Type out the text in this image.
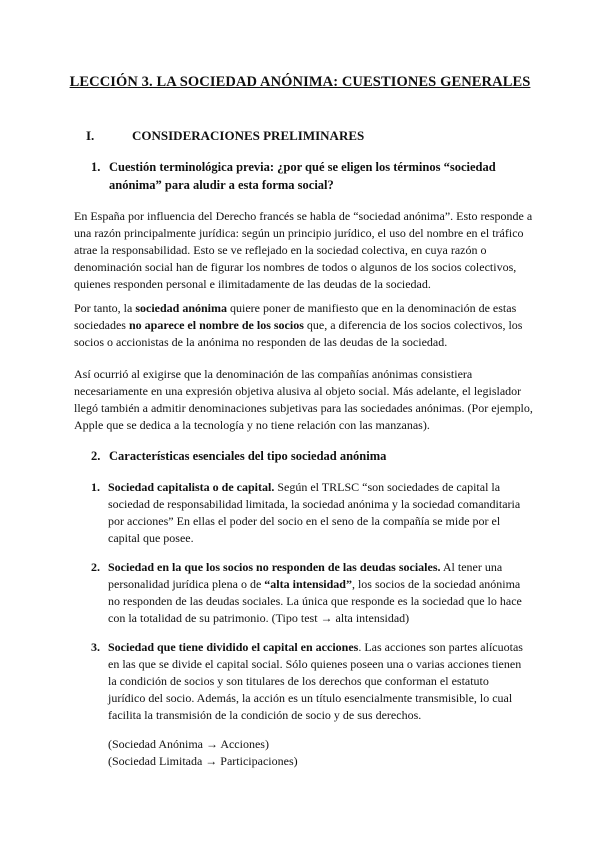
LECCIÓN 3. LA SOCIEDAD ANÓNIMA: CUESTIONES GENERALES
I.	CONSIDERACIONES PRELIMINARES
1. Cuestión terminológica previa: ¿por qué se eligen los términos “sociedad anónima” para aludir a esta forma social?

En España por influencia del Derecho francés se habla de “sociedad anónima”. Esto responde a una razón principalmente jurídica: según un principio jurídico, el uso del nombre en el tráfico atrae la responsabilidad. Esto se ve reflejado en la sociedad colectiva, en cuya razón o denominación social han de figurar los nombres de todos o algunos de los socios colectivos, quienes responden personal e ilimitadamente de las deudas de la sociedad.

Por tanto, la sociedad anónima quiere poner de manifiesto que en la denominación de estas sociedades no aparece el nombre de los socios que, a diferencia de los socios colectivos, los socios o accionistas de la anónima no responden de las deudas de la sociedad.

Así ocurrió al exigirse que la denominación de las compañías anónimas consistiera necesariamente en una expresión objetiva alusiva al objeto social. Más adelante, el legislador llegó también a admitir denominaciones subjetivas para las sociedades anónimas. (Por ejemplo, Apple que se dedica a la tecnología y no tiene relación con las manzanas).

2. Características esenciales del tipo sociedad anónima
1. Sociedad capitalista o de capital. Según el TRLSC “son sociedades de capital la sociedad de responsabilidad limitada, la sociedad anónima y la sociedad comanditaria por acciones” En ellas el poder del socio en el seno de la compañía se mide por el capital que posee.
2. Sociedad en la que los socios no responden de las deudas sociales. Al tener una personalidad jurídica plena o de “alta intensidad”, los socios de la sociedad anónima no responden de las deudas sociales. La única que responde es la sociedad que lo hace con la totalidad de su patrimonio. (Tipo test → alta intensidad)
3. Sociedad que tiene dividido el capital en acciones. Las acciones son partes alícuotas en las que se divide el capital social. Sólo quienes poseen una o varias acciones tienen la condición de socios y son titulares de los derechos que conforman el estatuto jurídico del socio. Además, la acción es un título esencialmente transmisible, lo cual facilita la transmisión de la condición de socio y de sus derechos.

(Sociedad Anónima → Acciones)

(Sociedad Limitada → Participaciones)
